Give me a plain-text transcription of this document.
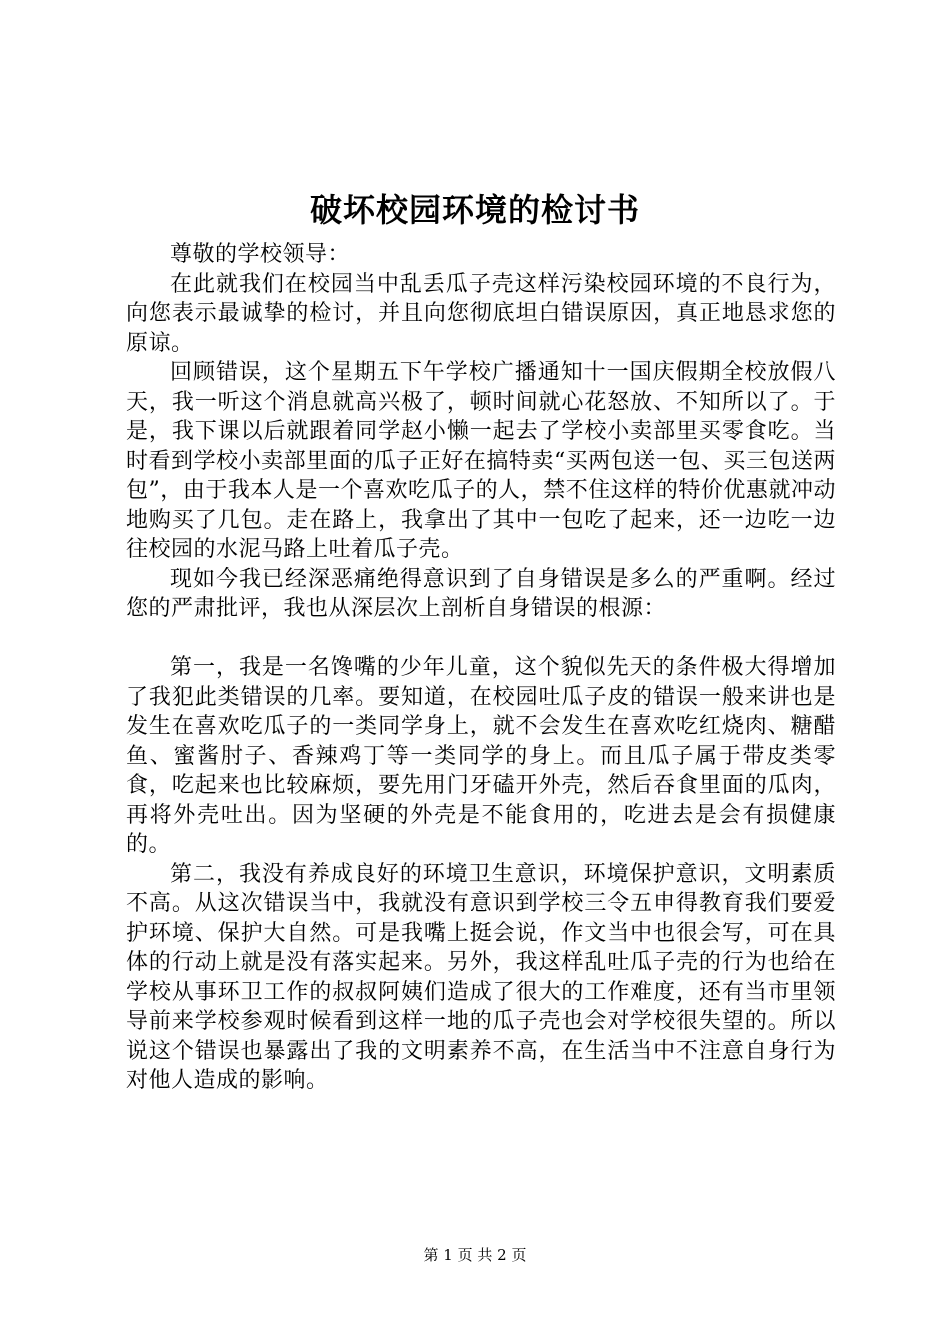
破坏校园环境的检讨书

尊敬的学校领导：

在此就我们在校园当中乱丢瓜子壳这样污染校园环境的不良行为，向您表示最诚挚的检讨，并且向您彻底坦白错误原因，真正地恳求您的原谅。

回顾错误，这个星期五下午学校广播通知十一国庆假期全校放假八天，我一听这个消息就高兴极了，顿时间就心花怒放、不知所以了。于是，我下课以后就跟着同学赵小懒一起去了学校小卖部里买零食吃。当时看到学校小卖部里面的瓜子正好在搞特卖“买两包送一包、买三包送两包”，由于我本人是一个喜欢吃瓜子的人，禁不住这样的特价优惠就冲动地购买了几包。走在路上，我拿出了其中一包吃了起来，还一边吃一边往校园的水泥马路上吐着瓜子壳。

现如今我已经深恶痛绝得意识到了自身错误是多么的严重啊。经过您的严肃批评，我也从深层次上剖析自身错误的根源：

第一，我是一名馋嘴的少年儿童，这个貌似先天的条件极大得增加了我犯此类错误的几率。要知道，在校园吐瓜子皮的错误一般来讲也是发生在喜欢吃瓜子的一类同学身上，就不会发生在喜欢吃红烧肉、糖醋鱼、蜜酱肘子、香辣鸡丁等一类同学的身上。而且瓜子属于带皮类零食，吃起来也比较麻烦，要先用门牙磕开外壳，然后吞食里面的瓜肉，再将外壳吐出。因为坚硬的外壳是不能食用的，吃进去是会有损健康的。

第二，我没有养成良好的环境卫生意识，环境保护意识，文明素质不高。从这次错误当中，我就没有意识到学校三令五申得教育我们要爱护环境、保护大自然。可是我嘴上挺会说，作文当中也很会写，可在具体的行动上就是没有落实起来。另外，我这样乱吐瓜子壳的行为也给在学校从事环卫工作的叔叔阿姨们造成了很大的工作难度，还有当市里领导前来学校参观时候看到这样一地的瓜子壳也会对学校很失望的。所以说这个错误也暴露出了我的文明素养不高，在生活当中不注意自身行为对他人造成的影响。

第 1 页 共 2 页
